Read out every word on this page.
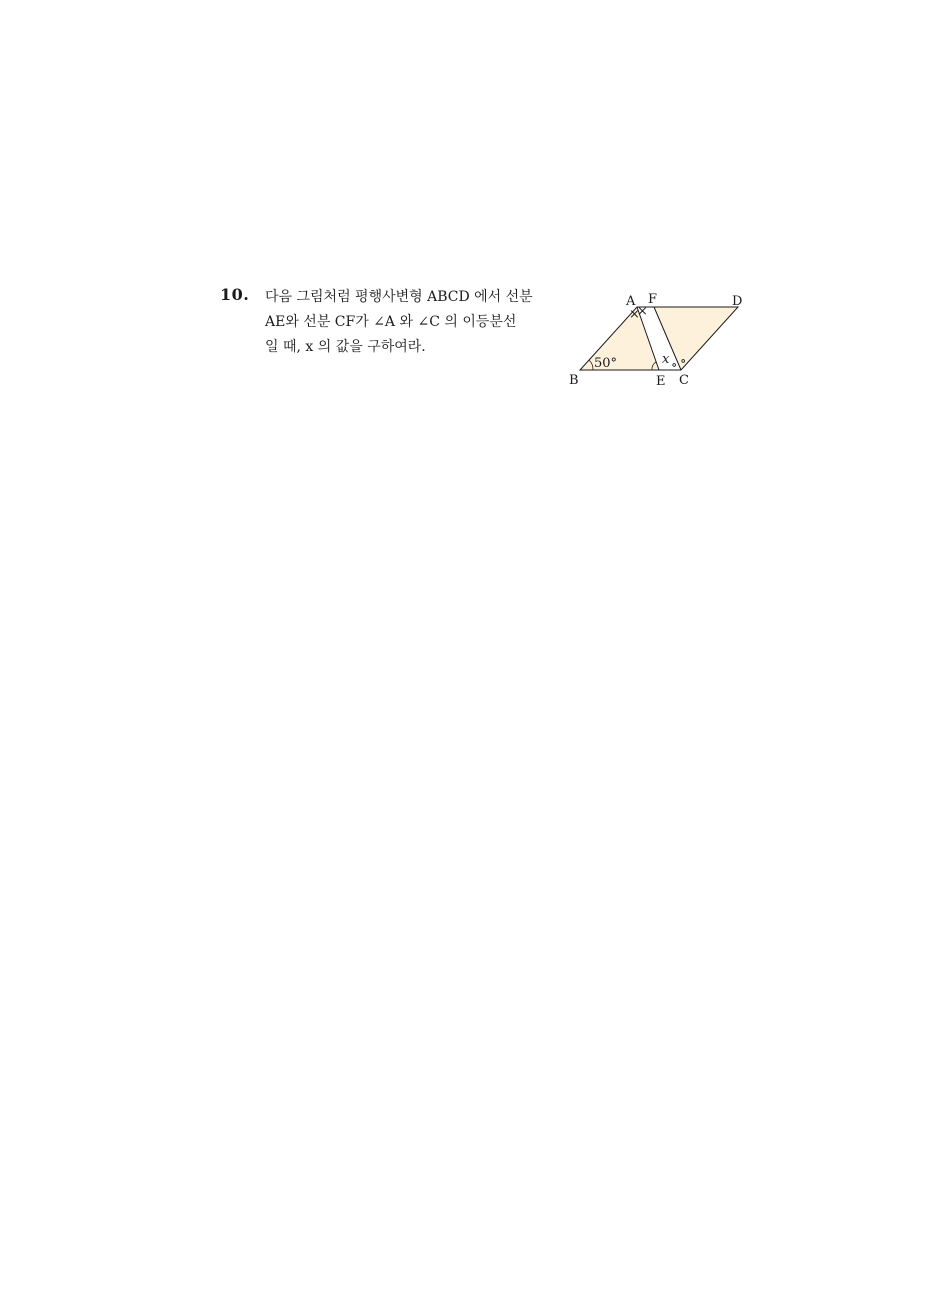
10. 다음 그림처럼 평행사변형 ABCD 에서 선분
AE와 선분 CF가 ∠A 와 ∠C 의 이등분선
일 때, x 의 값을 구하여라.
×
×
∘ ∘
50°	x
A F	D
B	E C
